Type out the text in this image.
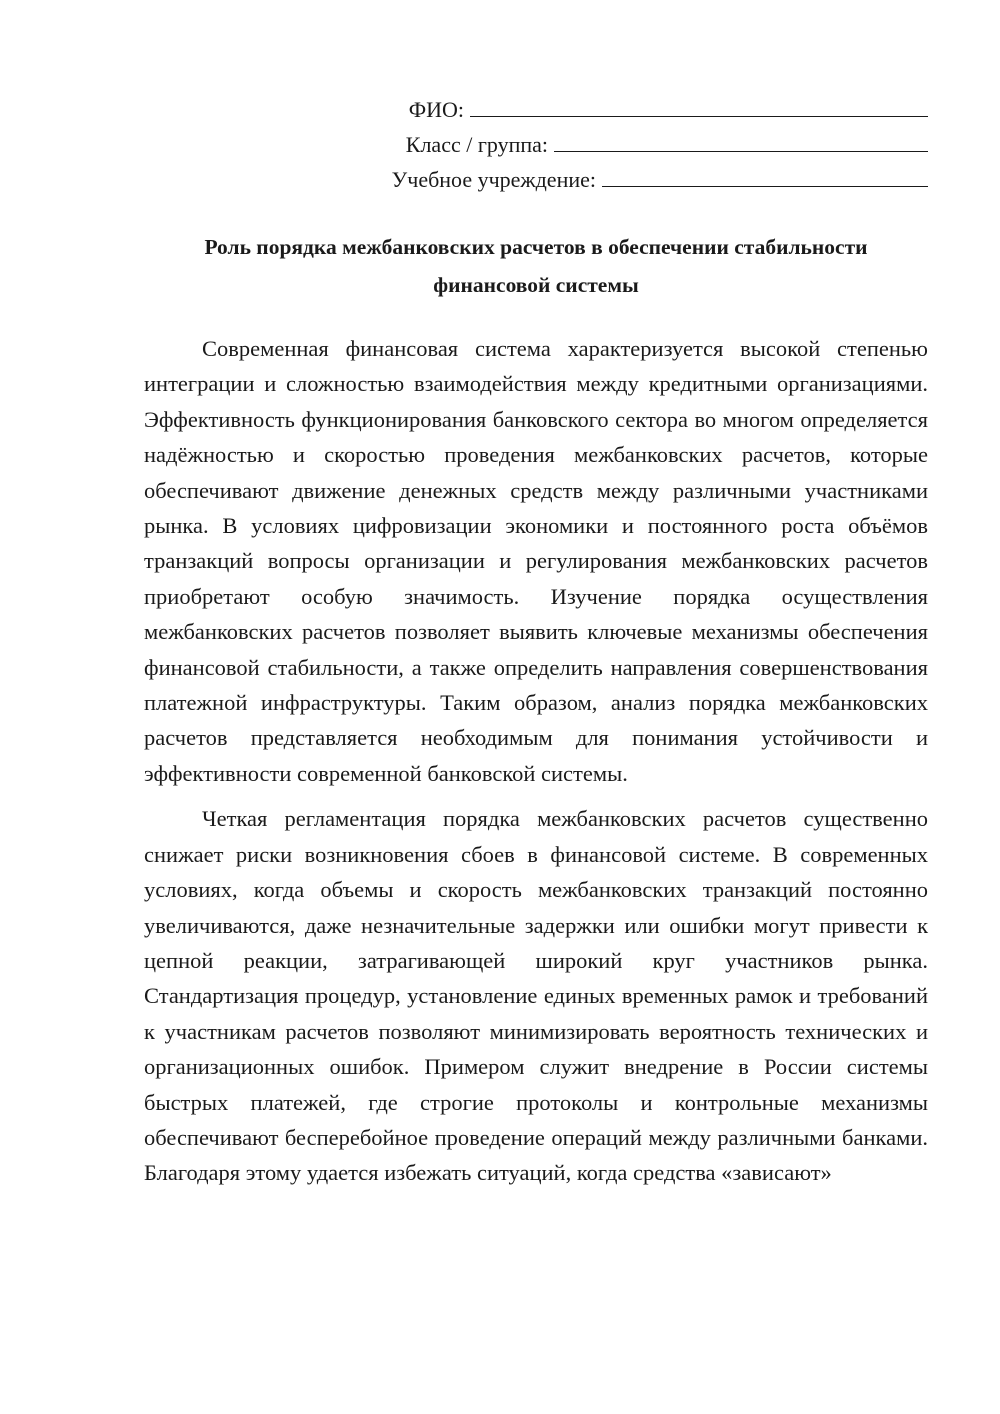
ФИО:
Класс / группа:
Учебное учреждение:
Роль порядка межбанковских расчетов в обеспечении стабильности финансовой системы

Современная финансовая система характеризуется высокой степенью интеграции и сложностью взаимодействия между кредитными организациями. Эффективность функционирования банковского сектора во многом определяется надёжностью и скоростью проведения межбанковских расчетов, которые обеспечивают движение денежных средств между различными участниками рынка. В условиях цифровизации экономики и постоянного роста объёмов транзакций вопросы организации и регулирования межбанковских расчетов приобретают особую значимость. Изучение порядка осуществления межбанковских расчетов позволяет выявить ключевые механизмы обеспечения финансовой стабильности, а также определить направления совершенствования платежной инфраструктуры. Таким образом, анализ порядка межбанковских расчетов представляется необходимым для понимания устойчивости и эффективности современной банковской системы.

Четкая регламентация порядка межбанковских расчетов существенно снижает риски возникновения сбоев в финансовой системе. В современных условиях, когда объемы и скорость межбанковских транзакций постоянно увеличиваются, даже незначительные задержки или ошибки могут привести к цепной реакции, затрагивающей широкий круг участников рынка. Стандартизация процедур, установление единых временных рамок и требований к участникам расчетов позволяют минимизировать вероятность технических и организационных ошибок. Примером служит внедрение в России системы быстрых платежей, где строгие протоколы и контрольные механизмы обеспечивают бесперебойное проведение операций между различными банками. Благодаря этому удается избежать ситуаций, когда средства «зависают»
